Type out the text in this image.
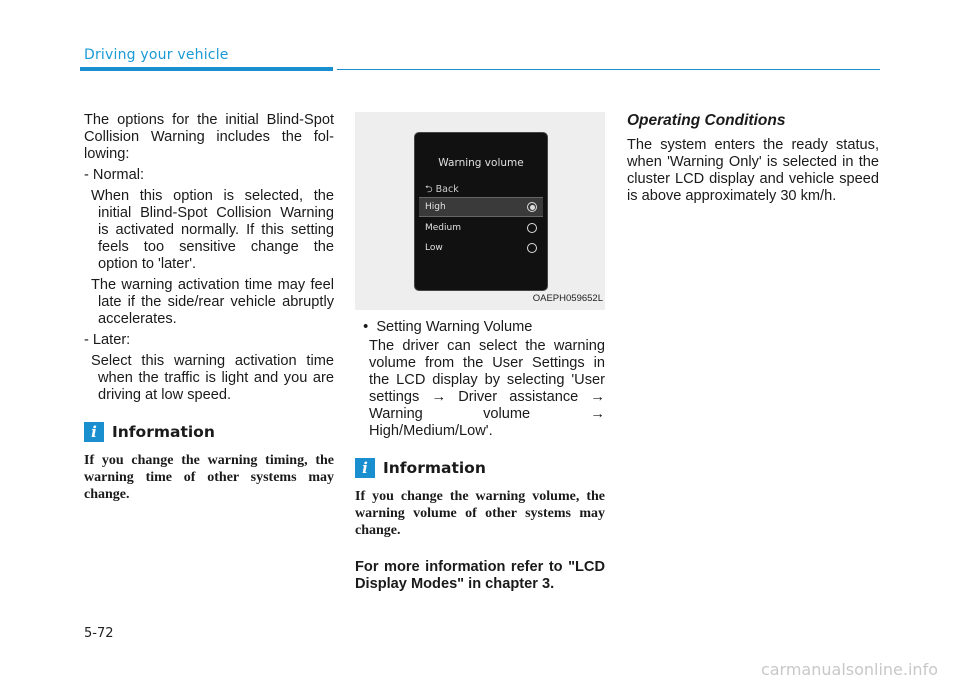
Driving your vehicle

The options for the initial Blind-Spot Collision Warning includes the fol-lowing:

- Normal:
When this option is selected, the initial Blind-Spot Collision Warning is activated normally. If this setting feels too sensitive change the option to 'later'.
The warning activation time may feel late if the side/rear vehicle abruptly accelerates.
- Later:
Select this warning activation time when the traffic is light and you are driving at low speed.
i Information
If you change the warning timing, the warning time of other systems may change.
Warning volume
⮌ Back
High
Medium
Low
OAEPH059652L
•  Setting Warning Volume
The driver can select the warning volume from the User Settings in the LCD display by selecting 'User settings → Driver assistance → Warning volume → High/Medium/Low'.
i Information
If you change the warning volume, the warning volume of other systems may change.
For more information refer to "LCD Display Modes" in chapter 3.

Operating Conditions

The system enters the ready status, when 'Warning Only' is selected in the cluster LCD display and vehicle speed is above approximately 30 km/h.

5-72
carmanualsonline.info
